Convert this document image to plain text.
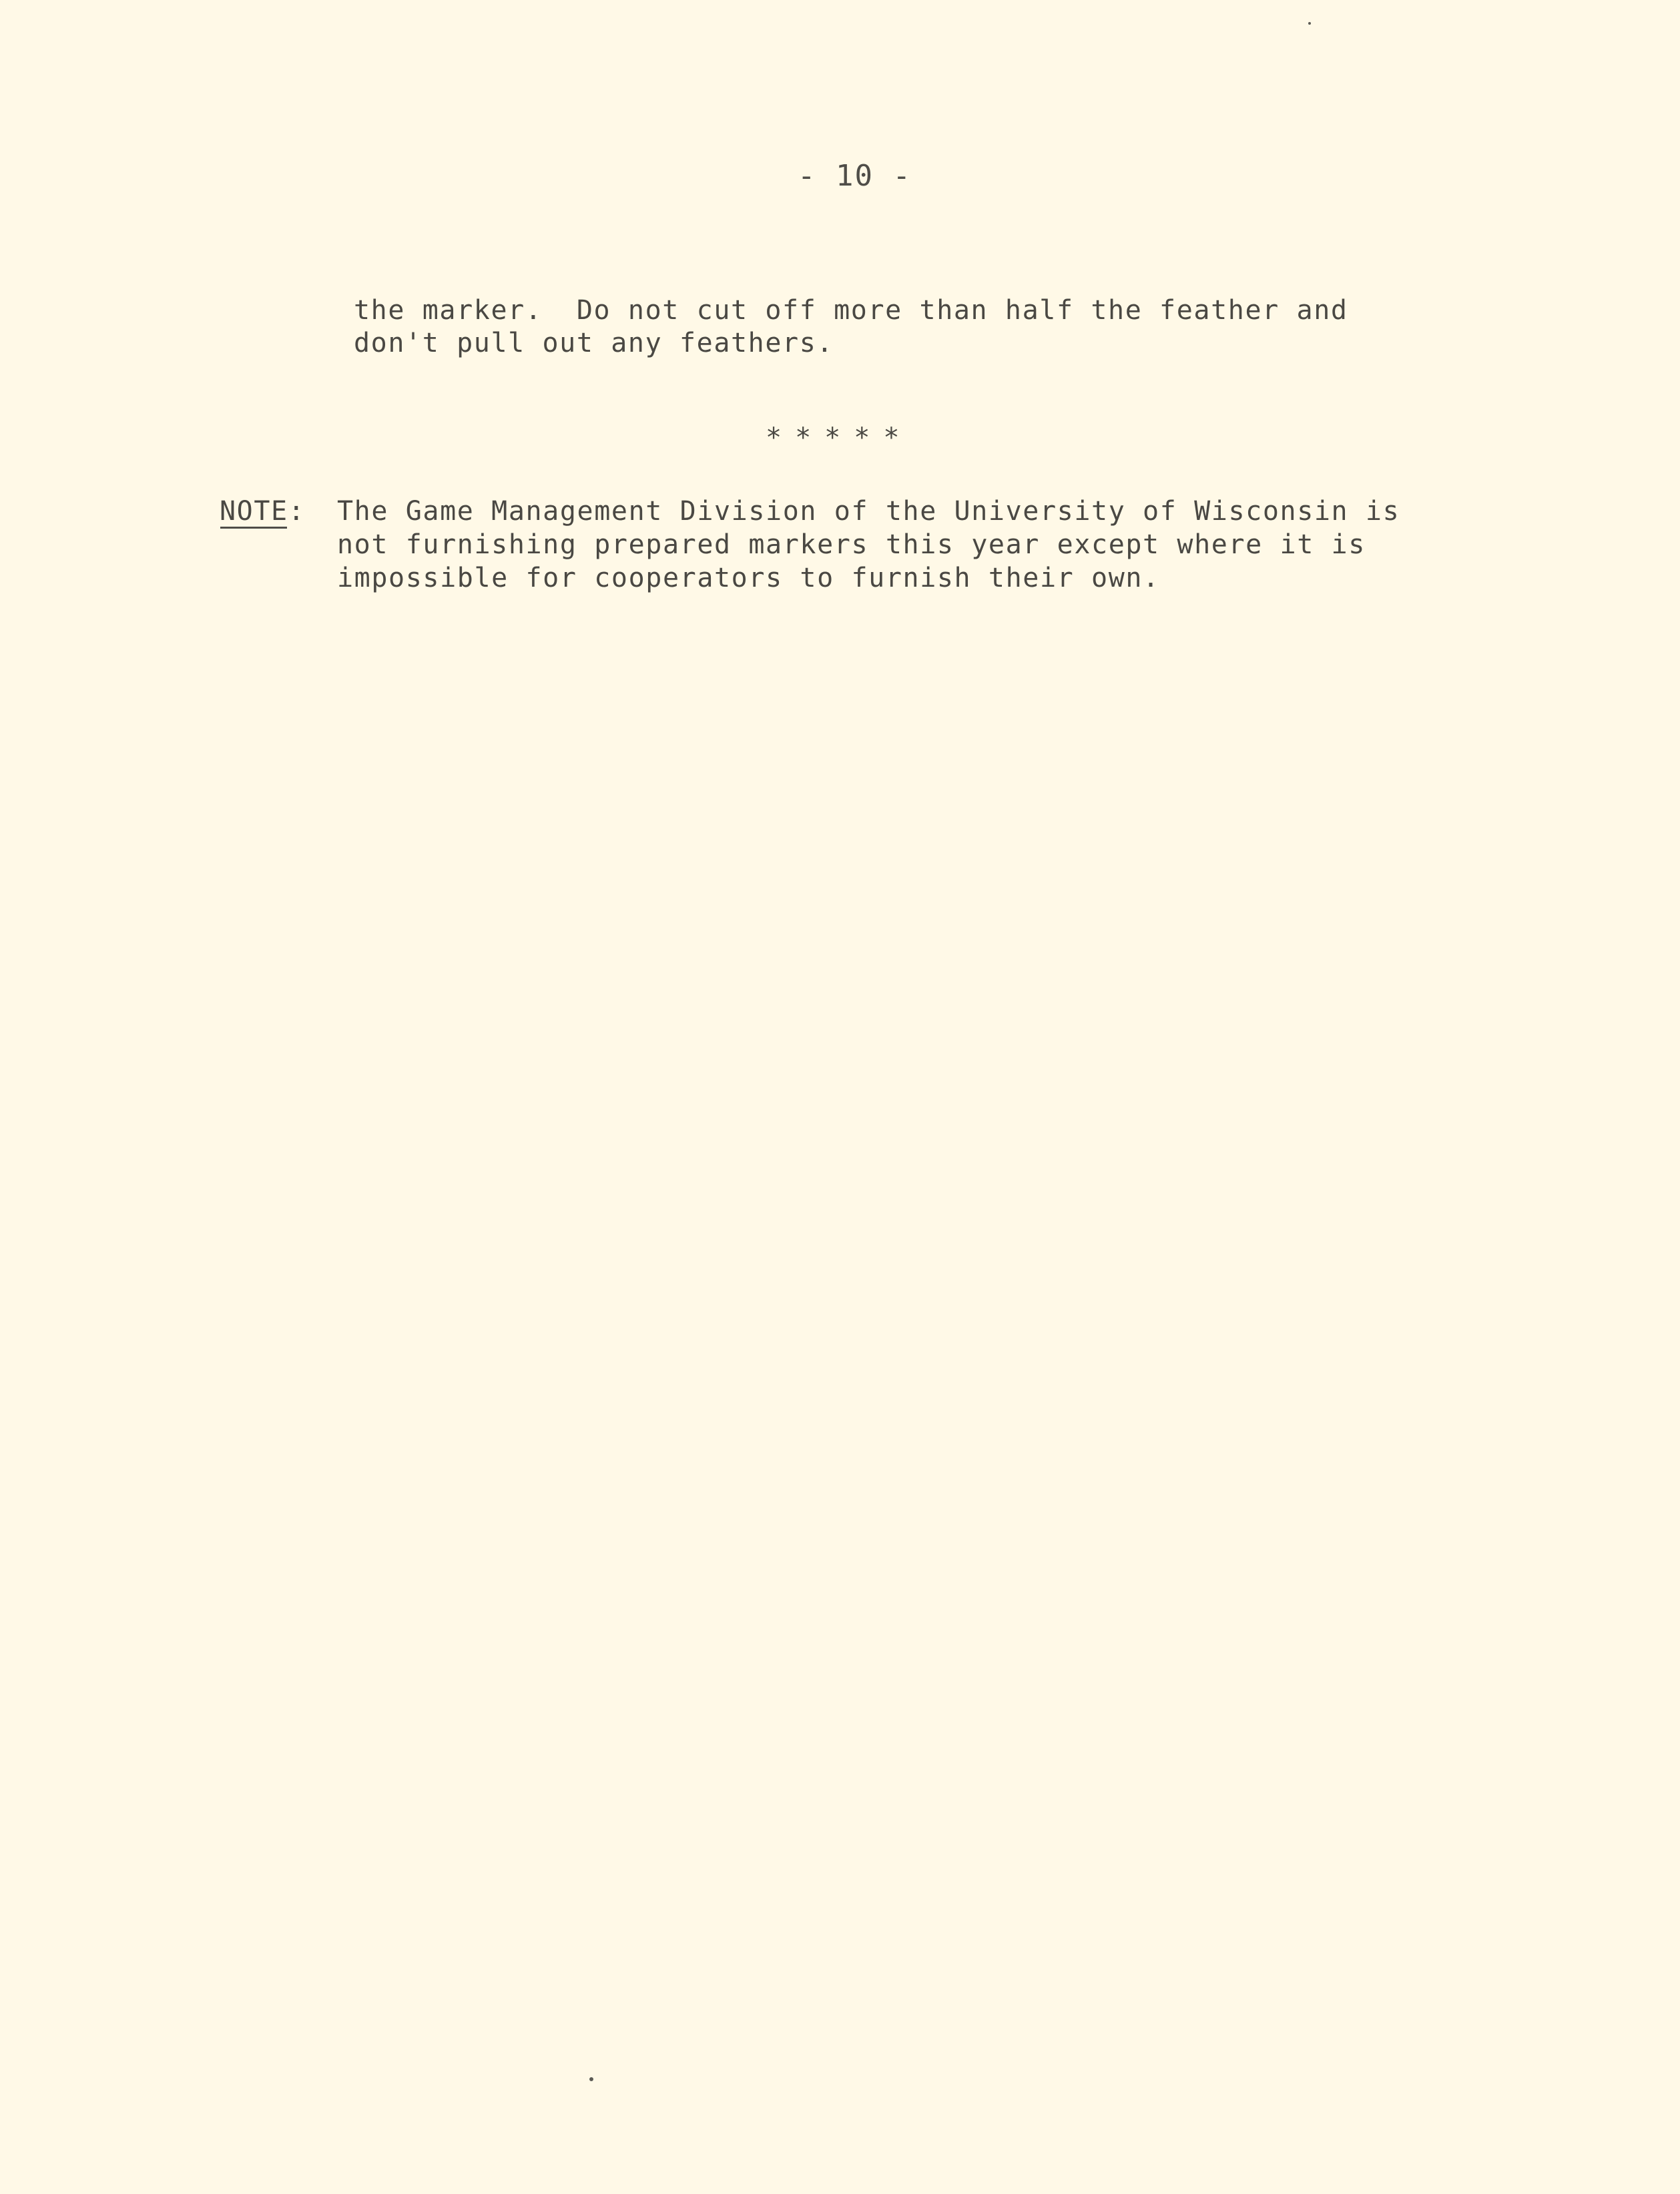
- 10 -
the marker.  Do not cut off more than half the feather and
don't pull out any feathers.
*****
NOTE: The Game Management Division of the University of Wisconsin is
not furnishing prepared markers this year except where it is
impossible for cooperators to furnish their own.
